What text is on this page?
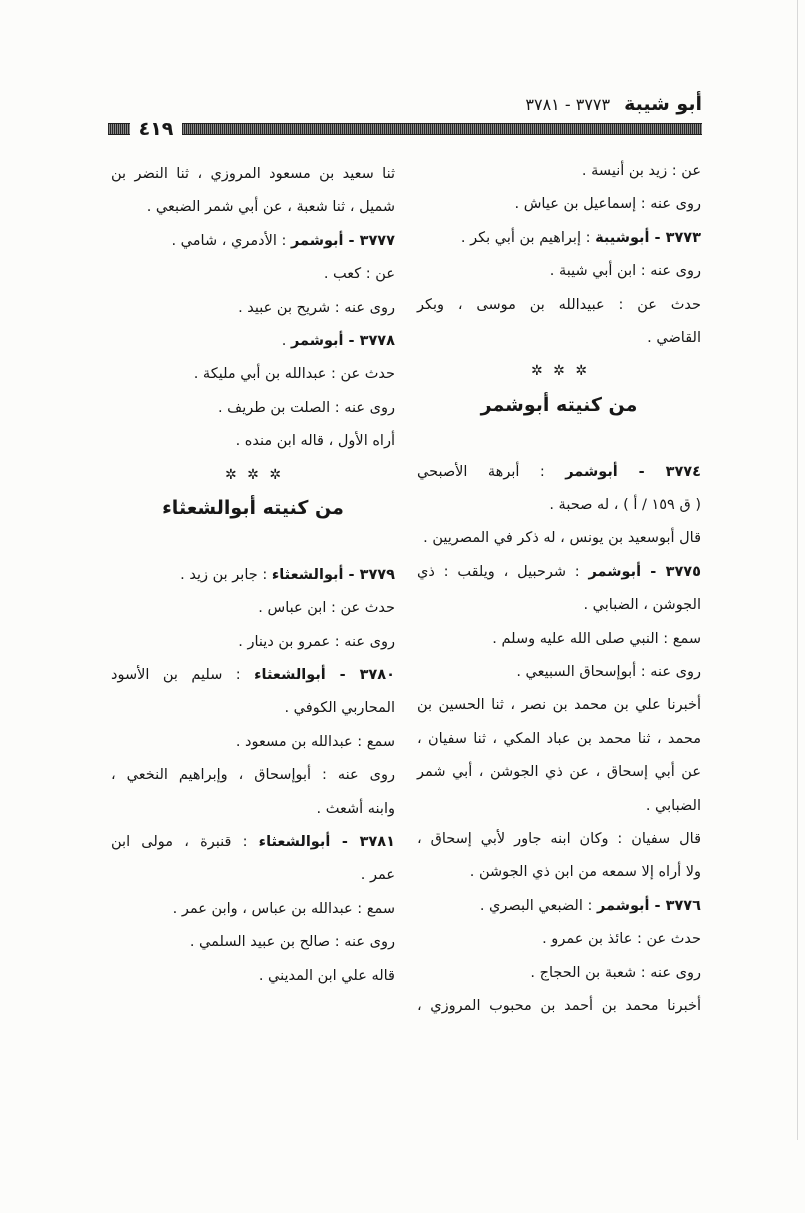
أبو شيبة٣٧٧٣ - ٣٧٨١
٤١٩
عن : زيد بن أنيسة .
روى عنه : إسماعيل بن عياش .
٣٧٧٣ - أبوشيبة : إبراهيم بن أبي بكر .
روى عنه : ابن أبي شيبة .
حدث عن : عبيدالله بن موسى ، وبكر
القاضي .
✲ ✲ ✲
من كنيته أبوشمر
٣٧٧٤ - أبوشمر : أبرهة الأصبحي
( ق ١٥٩ / أ ) ، له صحبة .
قال أبوسعيد بن يونس ، له ذكر في المصريين .
٣٧٧٥ - أبوشمر : شرحبيل ، ويلقب : ذي
الجوشن ، الضبابي .
سمع : النبي صلى الله عليه وسلم .
روى عنه : أبوإسحاق السبيعي .
أخبرنا علي بن محمد بن نصر ، ثنا الحسين بن
محمد ، ثنا محمد بن عباد المكي ، ثنا سفيان ،
عن أبي إسحاق ، عن ذي الجوشن ، أبي شمر
الضبابي .
قال سفيان : وكان ابنه جاور لأبي إسحاق ،
ولا أراه إلا سمعه من ابن ذي الجوشن .
٣٧٧٦ - أبوشمر : الضبعي البصري .
حدث عن : عائذ بن عمرو .
روى عنه : شعبة بن الحجاج .
أخبرنا محمد بن أحمد بن محبوب المروزي ،
ثنا سعيد بن مسعود المروزي ، ثنا النضر بن
شميل ، ثنا شعبة ، عن أبي شمر الضبعي .
٣٧٧٧ - أبوشمر : الأدمري ، شامي .
عن : كعب .
روى عنه : شريح بن عبيد .
٣٧٧٨ - أبوشمر .
حدث عن : عبدالله بن أبي مليكة .
روى عنه : الصلت بن طريف .
أراه الأول ، قاله ابن منده .
✲ ✲ ✲
من كنيته أبوالشعثاء
٣٧٧٩ - أبوالشعثاء : جابر بن زيد .
حدث عن : ابن عباس .
روى عنه : عمرو بن دينار .
٣٧٨٠ - أبوالشعثاء : سليم بن الأسود
المحاربي الكوفي .
سمع : عبدالله بن مسعود .
روى عنه : أبوإسحاق ، وإبراهيم النخعي ،
وابنه أشعث .
٣٧٨١ - أبوالشعثاء : قنبرة ، مولى ابن
عمر .
سمع : عبدالله بن عباس ، وابن عمر .
روى عنه : صالح بن عبيد السلمي .
قاله علي ابن المديني .
